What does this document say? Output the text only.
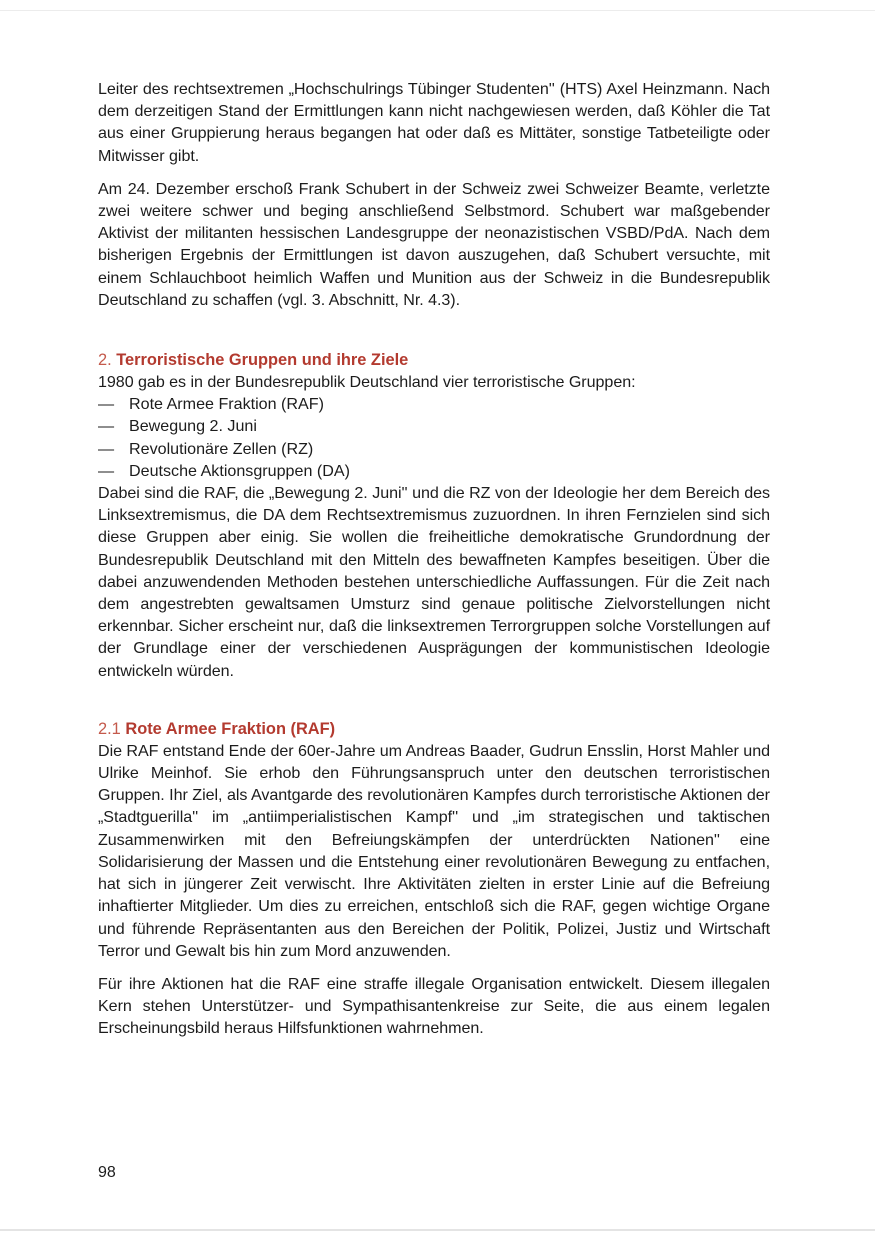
Leiter des rechtsextremen „Hochschulrings Tübinger Studenten'' (HTS) Axel Heinzmann. Nach dem derzeitigen Stand der Ermittlungen kann nicht nachgewiesen werden, daß Köhler die Tat aus einer Gruppierung heraus begangen hat oder daß es Mittäter, sonstige Tatbeteiligte oder Mitwisser gibt.

Am 24. Dezember erschoß Frank Schubert in der Schweiz zwei Schweizer Beamte, verletzte zwei weitere schwer und beging anschließend Selbstmord. Schubert war maßgebender Aktivist der militanten hessischen Landesgruppe der neonazistischen VSBD/PdA. Nach dem bisherigen Ergebnis der Ermittlungen ist davon auszugehen, daß Schubert versuchte, mit einem Schlauchboot heimlich Waffen und Munition aus der Schweiz in die Bundesrepublik Deutschland zu schaffen (vgl. 3. Abschnitt, Nr. 4.3).

2. Terroristische Gruppen und ihre Ziele

1980 gab es in der Bundesrepublik Deutschland vier terroristische Gruppen:

— Rote Armee Fraktion (RAF)
— Bewegung 2. Juni
— Revolutionäre Zellen (RZ)
— Deutsche Aktionsgruppen (DA)

Dabei sind die RAF, die „Bewegung 2. Juni'' und die RZ von der Ideologie her dem Bereich des Linksextremismus, die DA dem Rechtsextremismus zuzuordnen. In ihren Fernzielen sind sich diese Gruppen aber einig. Sie wollen die freiheitliche demokratische Grundordnung der Bundesrepublik Deutschland mit den Mitteln des bewaffneten Kampfes beseitigen. Über die dabei anzuwendenden Methoden bestehen unterschiedliche Auffassungen. Für die Zeit nach dem angestrebten gewaltsamen Umsturz sind genaue politische Zielvorstellungen nicht erkennbar. Sicher erscheint nur, daß die linksextremen Terrorgruppen solche Vorstellungen auf der Grundlage einer der verschiedenen Ausprägungen der kommunistischen Ideologie entwickeln würden.

2.1 Rote Armee Fraktion (RAF)

Die RAF entstand Ende der 60er-Jahre um Andreas Baader, Gudrun Ensslin, Horst Mahler und Ulrike Meinhof. Sie erhob den Führungsanspruch unter den deutschen terroristischen Gruppen. Ihr Ziel, als Avantgarde des revolutionären Kampfes durch terroristische Aktionen der „Stadtguerilla'' im „antiimperialistischen Kampf'' und „im strategischen und taktischen Zusammenwirken mit den Befreiungskämpfen der unterdrückten Nationen'' eine Solidarisierung der Massen und die Entstehung einer revolutionären Bewegung zu entfachen, hat sich in jüngerer Zeit verwischt. Ihre Aktivitäten zielten in erster Linie auf die Befreiung inhaftierter Mitglieder. Um dies zu erreichen, entschloß sich die RAF, gegen wichtige Organe und führende Repräsentanten aus den Bereichen der Politik, Polizei, Justiz und Wirtschaft Terror und Gewalt bis hin zum Mord anzuwenden.

Für ihre Aktionen hat die RAF eine straffe illegale Organisation entwickelt. Diesem illegalen Kern stehen Unterstützer- und Sympathisantenkreise zur Seite, die aus einem legalen Erscheinungsbild heraus Hilfsfunktionen wahrnehmen.

98
